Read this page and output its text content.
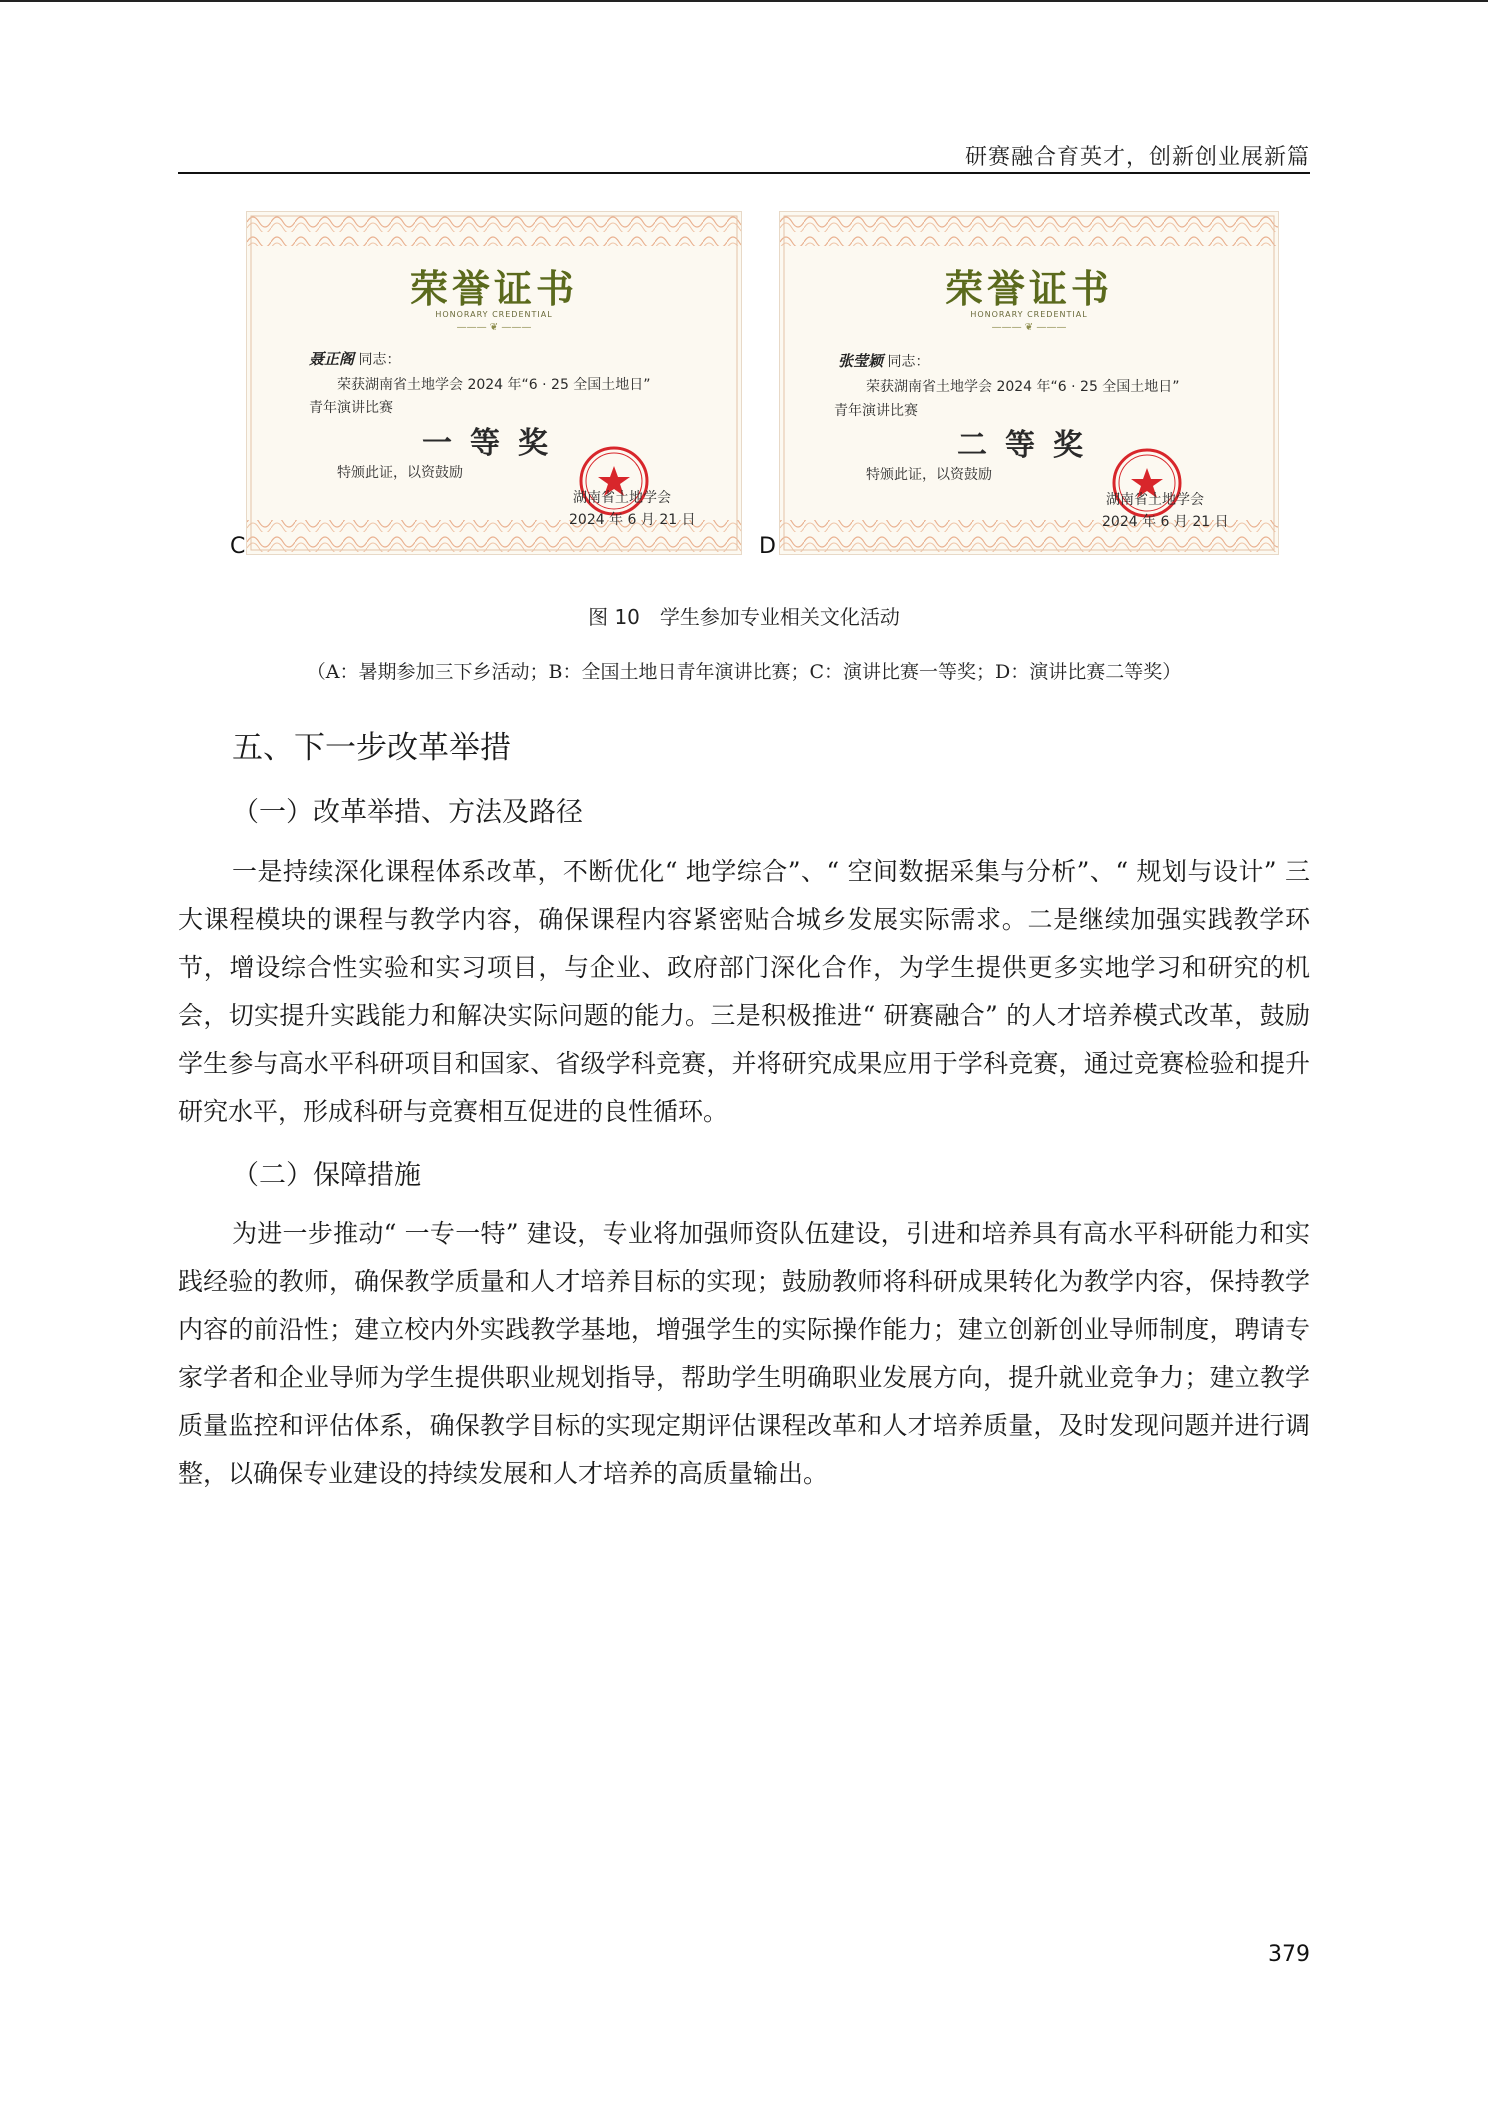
研赛融合育英才，创新创业展新篇
荣誉证书
HONORARY CREDENTIAL
——— ❦ ———
聂正阁 同志：
荣获湖南省土地学会 2024 年“6 · 25 全国土地日”
青年演讲比赛
一等奖
特颁此证，以资鼓励
湖南省土地学会
2024 年 6 月 21 日
C
荣誉证书
HONORARY CREDENTIAL
——— ❦ ———
张莹颖 同志：
荣获湖南省土地学会 2024 年“6 · 25 全国土地日”
青年演讲比赛
二等奖
特颁此证，以资鼓励
湖南省土地学会
2024 年 6 月 21 日
D
图 10 学生参加专业相关文化活动
（A：暑期参加三下乡活动；B：全国土地日青年演讲比赛；C：演讲比赛一等奖；D：演讲比赛二等奖）
五、下一步改革举措
（一）改革举措、方法及路径

一是持续深化课程体系改革，不断优化“ 地学综合”、“ 空间数据采集与分析”、“ 规划与设计” 三大课程模块的课程与教学内容，确保课程内容紧密贴合城乡发展实际需求。二是继续加强实践教学环节，增设综合性实验和实习项目，与企业、政府部门深化合作，为学生提供更多实地学习和研究的机会，切实提升实践能力和解决实际问题的能力。三是积极推进“ 研赛融合” 的人才培养模式改革，鼓励学生参与高水平科研项目和国家、省级学科竞赛，并将研究成果应用于学科竞赛，通过竞赛检验和提升研究水平，形成科研与竞赛相互促进的良性循环。

（二）保障措施

为进一步推动“ 一专一特” 建设，专业将加强师资队伍建设，引进和培养具有高水平科研能力和实践经验的教师，确保教学质量和人才培养目标的实现；鼓励教师将科研成果转化为教学内容，保持教学内容的前沿性；建立校内外实践教学基地，增强学生的实际操作能力；建立创新创业导师制度，聘请专家学者和企业导师为学生提供职业规划指导，帮助学生明确职业发展方向，提升就业竞争力；建立教学质量监控和评估体系，确保教学目标的实现定期评估课程改革和人才培养质量，及时发现问题并进行调整，以确保专业建设的持续发展和人才培养的高质量输出。

379
